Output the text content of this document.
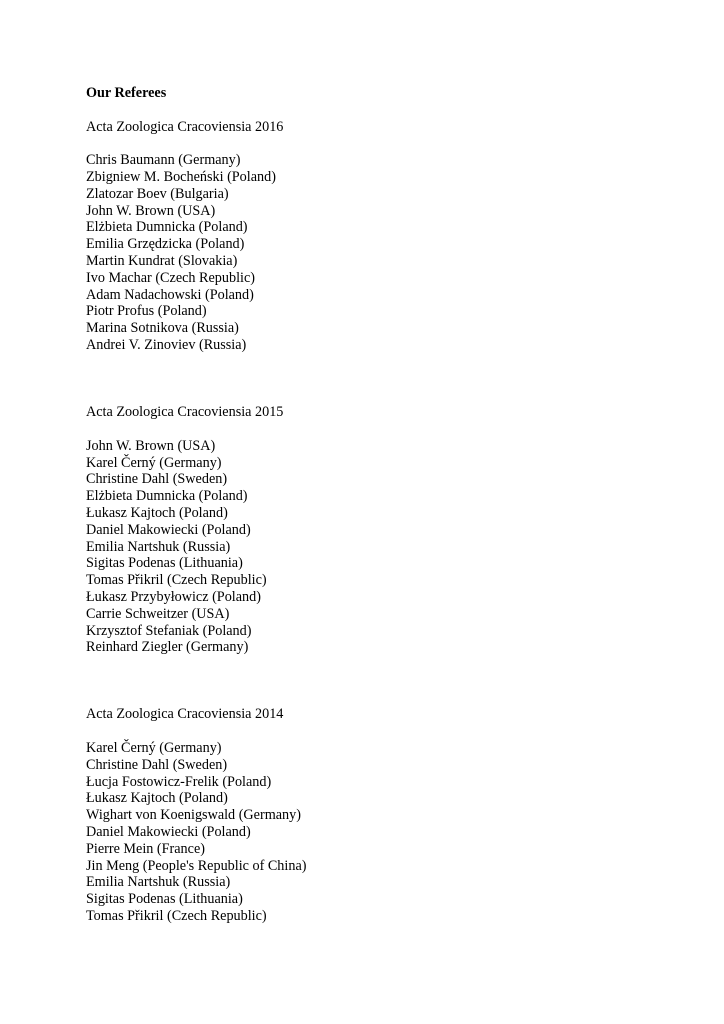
Our Referees

Acta Zoologica Cracoviensia 2016

Chris Baumann (Germany)
Zbigniew M. Bocheński (Poland)
Zlatozar Boev (Bulgaria)
John W. Brown (USA)
Elżbieta Dumnicka (Poland)
Emilia Grzędzicka (Poland)
Martin Kundrat (Slovakia)
Ivo Machar (Czech Republic)
Adam Nadachowski (Poland)
Piotr Profus (Poland)
Marina Sotnikova (Russia)
Andrei V. Zinoviev (Russia)

Acta Zoologica Cracoviensia 2015

John W. Brown (USA)
Karel Černý (Germany)
Christine Dahl (Sweden)
Elżbieta Dumnicka (Poland)
Łukasz Kajtoch (Poland)
Daniel Makowiecki (Poland)
Emilia Nartshuk (Russia)
Sigitas Podenas (Lithuania)
Tomas Přikril (Czech Republic)
Łukasz Przybyłowicz (Poland)
Carrie Schweitzer (USA)
Krzysztof Stefaniak (Poland)
Reinhard Ziegler (Germany)

Acta Zoologica Cracoviensia 2014

Karel Černý (Germany)
Christine Dahl (Sweden)
Łucja Fostowicz-Frelik (Poland)
Łukasz Kajtoch (Poland)
Wighart von Koenigswald (Germany)
Daniel Makowiecki (Poland)
Pierre Mein (France)
Jin Meng (People's Republic of China)
Emilia Nartshuk (Russia)
Sigitas Podenas (Lithuania)
Tomas Přikril (Czech Republic)
